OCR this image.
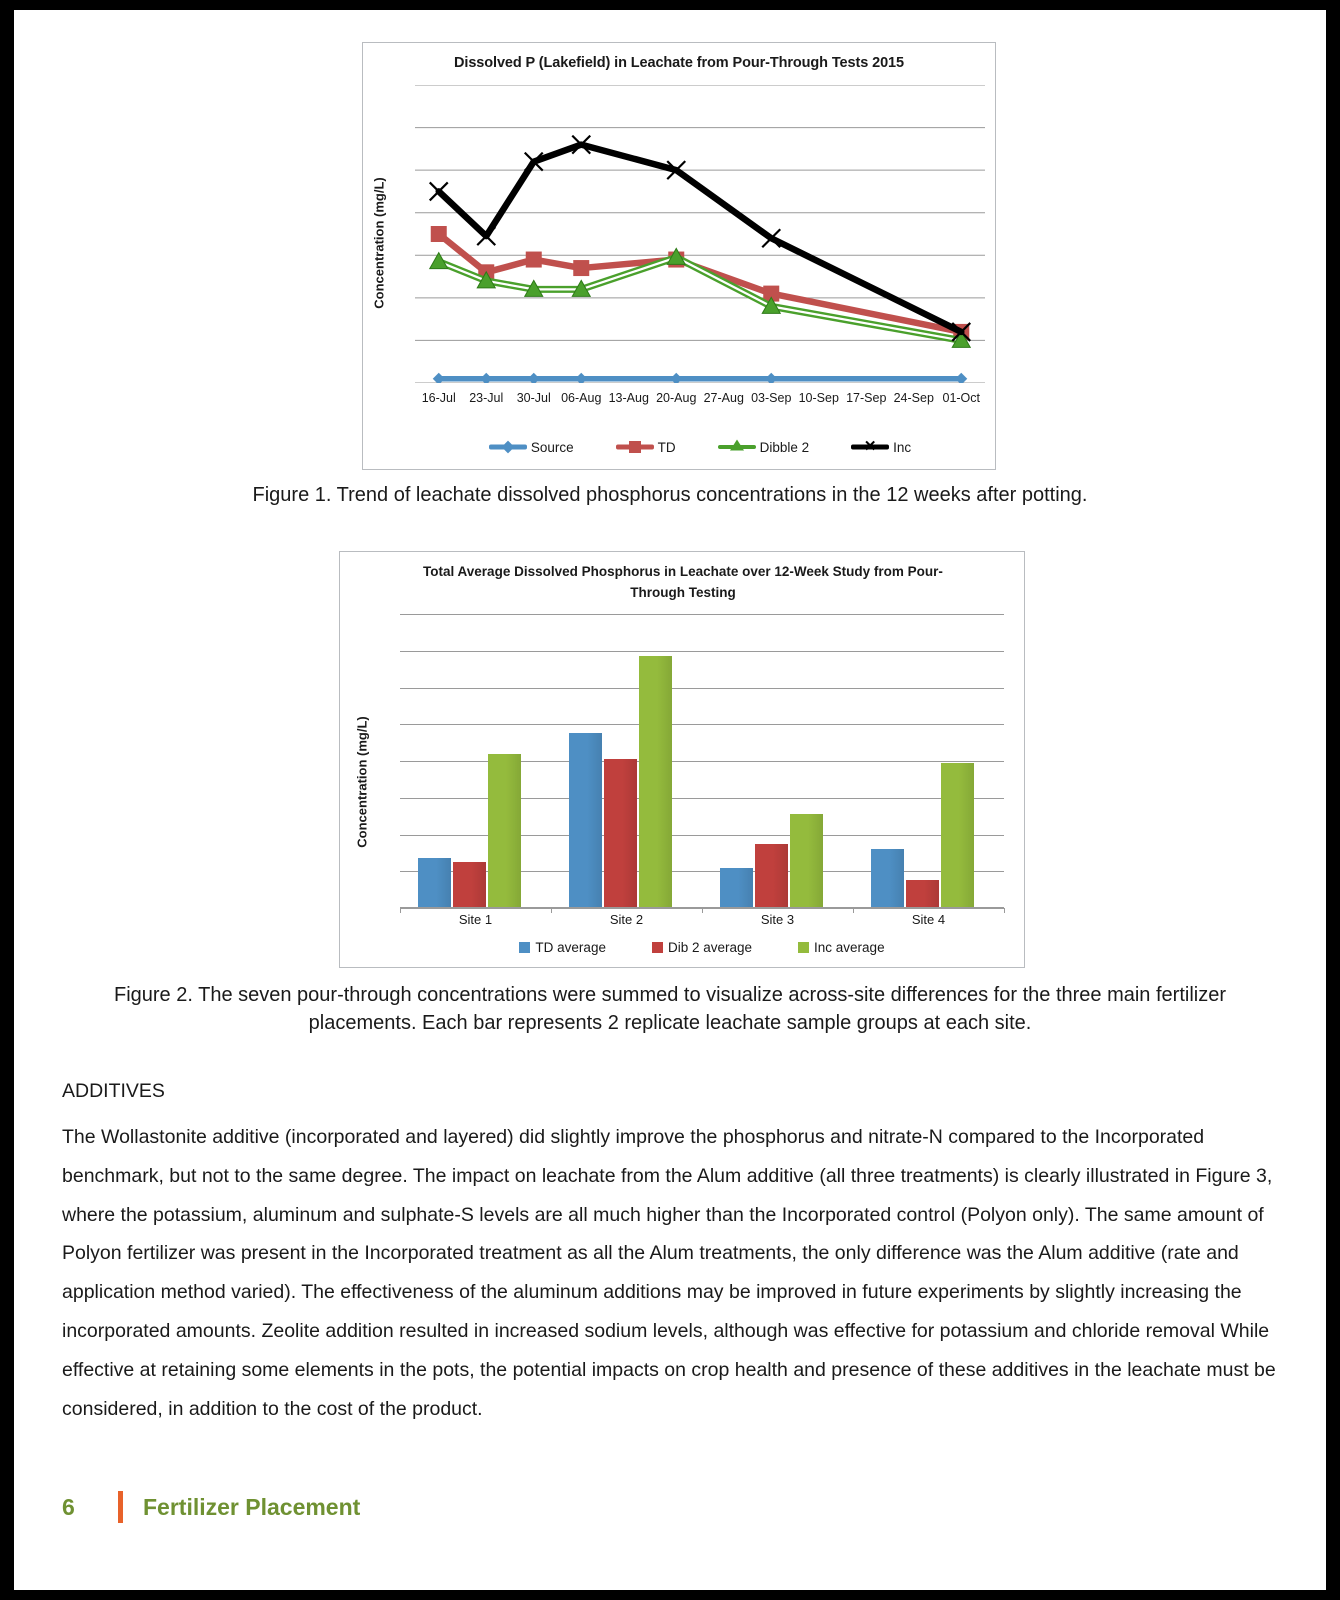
Dissolved P (Lakefield) in Leachate from Pour-Through Tests 2015
Concentration (mg/L)
16-Jul 23-Jul 30-Jul 06-Aug 13-Aug 20-Aug 27-Aug 03-Sep 10-Sep 17-Sep 24-Sep 01-Oct
Source	TD	Dibble 2	✕ Inc
Figure 1. Trend of leachate dissolved phosphorus concentrations in the 12 weeks after potting.
Total Average Dissolved Phosphorus in Leachate over 12-Week Study from Pour-Through Testing
Concentration (mg/L)
Site 1	Site 2	Site 3	Site 4
TD average	Dib 2 average	Inc average
Figure 2. The seven pour-through concentrations were summed to visualize across-site differences for the three main fertilizer placements. Each bar represents 2 replicate leachate sample groups at each site.
ADDITIVES
The Wollastonite additive (incorporated and layered) did slightly improve the phosphorus and nitrate-N compared to the Incorporated benchmark, but not to the same degree. The impact on leachate from the Alum additive (all three treatments) is clearly illustrated in Figure 3, where the potassium, aluminum and sulphate-S levels are all much higher than the Incorporated control (Polyon only). The same amount of Polyon fertilizer was present in the Incorporated treatment as all the Alum treatments, the only difference was the Alum additive (rate and application method varied). The effectiveness of the aluminum additions may be improved in future experiments by slightly increasing the incorporated amounts. Zeolite addition resulted in increased sodium levels, although was effective for potassium and chloride removal While effective at retaining some elements in the pots, the potential impacts on crop health and presence of these additives in the leachate must be considered, in addition to the cost of the product.
6	Fertilizer Placement
